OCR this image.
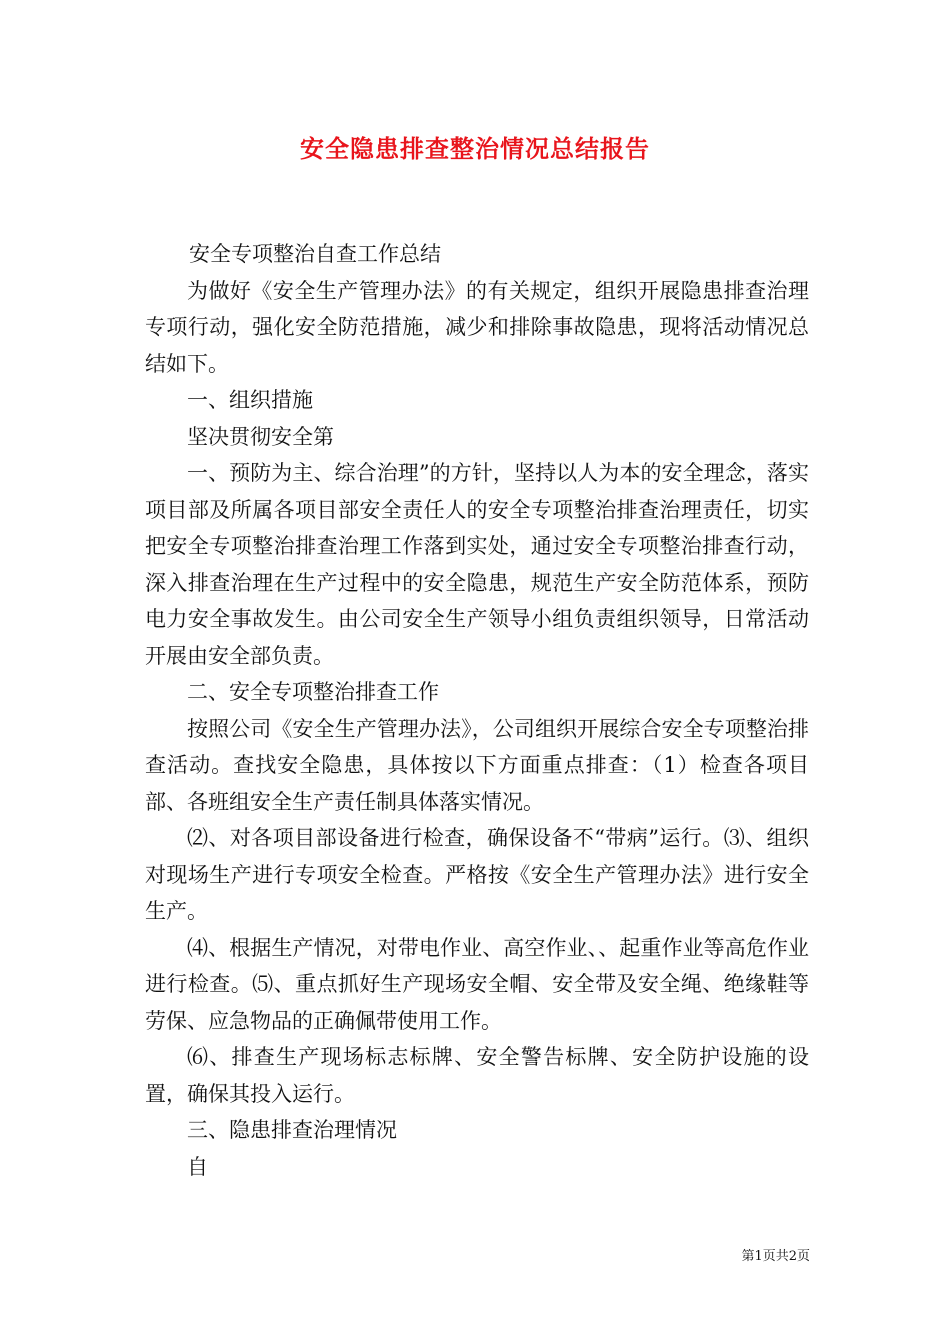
安全隐患排查整治情况总结报告

安全专项整治自查工作总结

为做好《安全生产管理办法》的有关规定，组织开展隐患排查治理专项行动，强化安全防范措施，减少和排除事故隐患，现将活动情况总结如下。

一、组织措施

坚决贯彻安全第

一、预防为主、综合治理”的方针，坚持以人为本的安全理念，落实项目部及所属各项目部安全责任人的安全专项整治排查治理责任，切实把安全专项整治排查治理工作落到实处，通过安全专项整治排查行动，深入排查治理在生产过程中的安全隐患，规范生产安全防范体系，预防电力安全事故发生。由公司安全生产领导小组负责组织领导，日常活动开展由安全部负责。

二、安全专项整治排查工作

按照公司《安全生产管理办法》，公司组织开展综合安全专项整治排查活动。查找安全隐患，具体按以下方面重点排查：（1）检查各项目部、各班组安全生产责任制具体落实情况。

⑵、对各项目部设备进行检查，确保设备不“带病”运行。⑶、组织对现场生产进行专项安全检查。严格按《安全生产管理办法》进行安全生产。

⑷、根据生产情况，对带电作业、高空作业、、起重作业等高危作业进行检查。⑸、重点抓好生产现场安全帽、安全带及安全绳、绝缘鞋等劳保、应急物品的正确佩带使用工作。

⑹、排查生产现场标志标牌、安全警告标牌、安全防护设施的设置，确保其投入运行。

三、隐患排查治理情况

自

第1页共2页
